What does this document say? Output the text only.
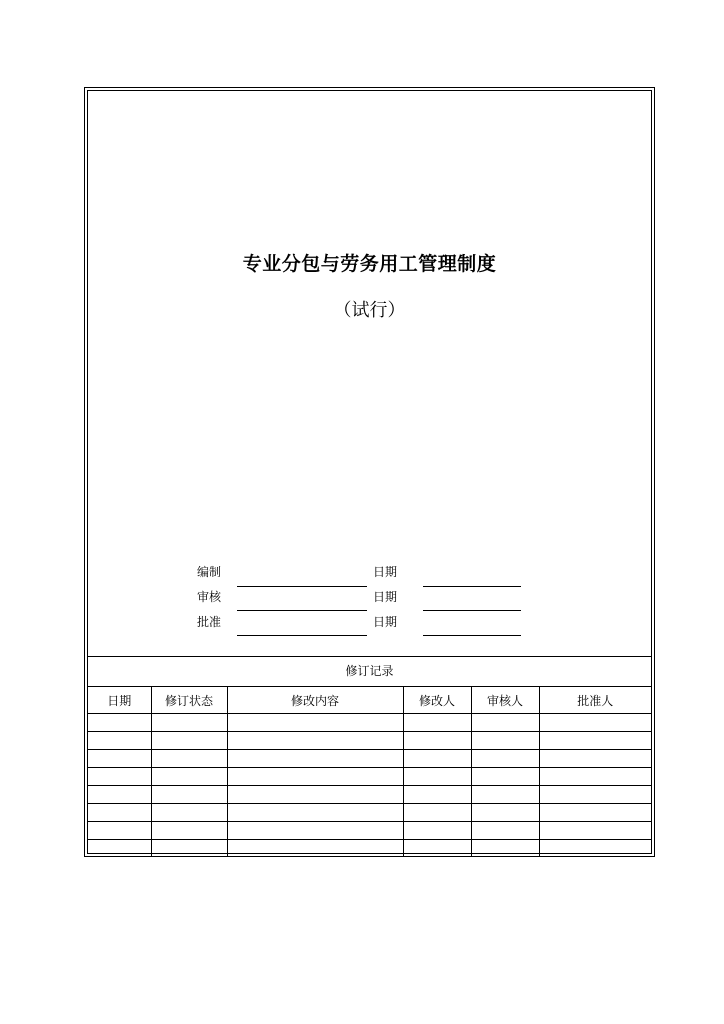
专业分包与劳务用工管理制度
（试行）
编制	日期
审核	日期
批准	日期
修订记录
日期	修订状态	修改内容	修改人	审核人	批准人
